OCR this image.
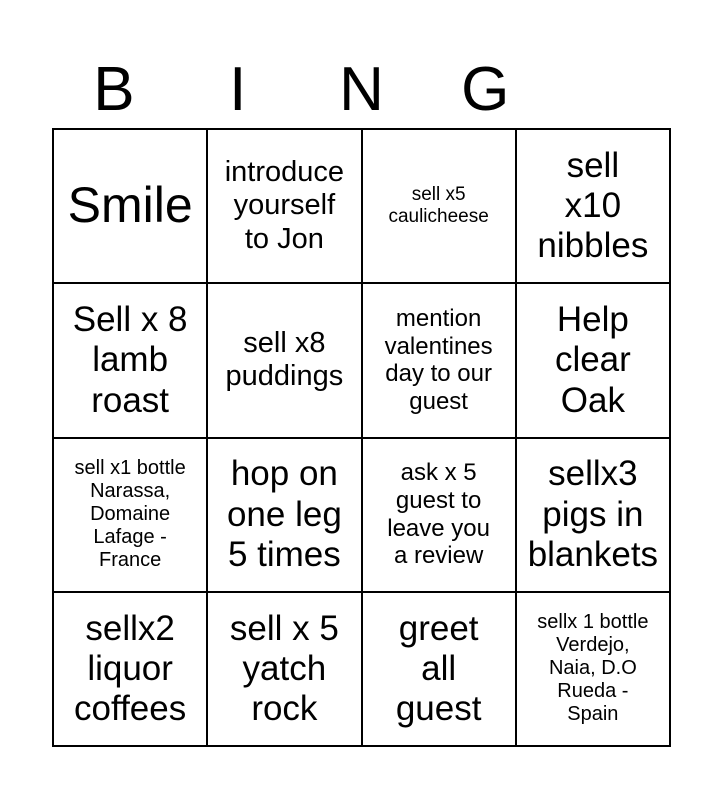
B	I	N	G
Smile
introduce
yourself
to Jon
sell x5
caulicheese
sell
x10
nibbles
Sell x 8
lamb
roast
sell x8
puddings
mention
valentines
day to our
guest
Help
clear
Oak
sell x1 bottle
Narassa,
Domaine
Lafage -
France
hop on
one leg
5 times
ask x 5
guest to
leave you
a review
sellx3
pigs in
blankets
sellx2
liquor
coffees
sell x 5
yatch
rock
greet
all
guest
sellx 1 bottle
Verdejo,
Naia, D.O
Rueda -
Spain
